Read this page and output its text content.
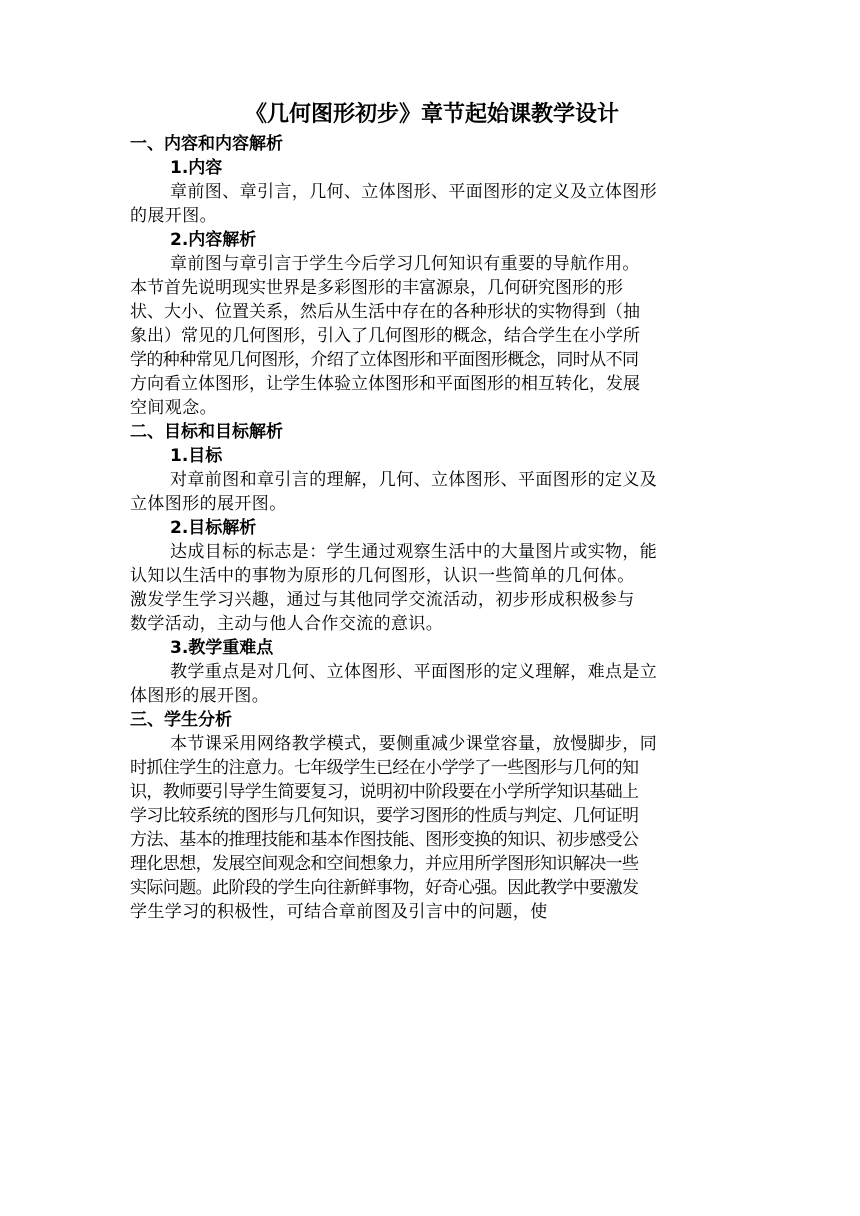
《几何图形初步》章节起始课教学设计
一、内容和内容解析
1.内容

章前图、章引言，几何、立体图形、平面图形的定义及立体图形
的展开图。

2.内容解析

章前图与章引言于学生今后学习几何知识有重要的导航作用。
本节首先说明现实世界是多彩图形的丰富源泉，几何研究图形的形
状、大小、位置关系，然后从生活中存在的各种形状的实物得到（抽
象出）常见的几何图形，引入了几何图形的概念，结合学生在小学所
学的种种常见几何图形，介绍了立体图形和平面图形概念，同时从不同
方向看立体图形，让学生体验立体图形和平面图形的相互转化，发展
空间观念。

二、目标和目标解析
1.目标

对章前图和章引言的理解，几何、立体图形、平面图形的定义及
立体图形的展开图。

2.目标解析

达成目标的标志是：学生通过观察生活中的大量图片或实物，能
认知以生活中的事物为原形的几何图形，认识一些简单的几何体。
激发学生学习兴趣，通过与其他同学交流活动，初步形成积极参与
数学活动，主动与他人合作交流的意识。

3.教学重难点

教学重点是对几何、立体图形、平面图形的定义理解，难点是立
体图形的展开图。

三、学生分析

本节课采用网络教学模式，要侧重减少课堂容量，放慢脚步，同
时抓住学生的注意力。七年级学生已经在小学学了一些图形与几何的知
识，教师要引导学生简要复习，说明初中阶段要在小学所学知识基础上
学习比较系统的图形与几何知识，要学习图形的性质与判定、几何证明
方法、基本的推理技能和基本作图技能、图形变换的知识、初步感受公
理化思想，发展空间观念和空间想象力，并应用所学图形知识解决一些
实际问题。此阶段的学生向往新鲜事物，好奇心强。因此教学中要激发
学生学习的积极性，可结合章前图及引言中的问题，使
